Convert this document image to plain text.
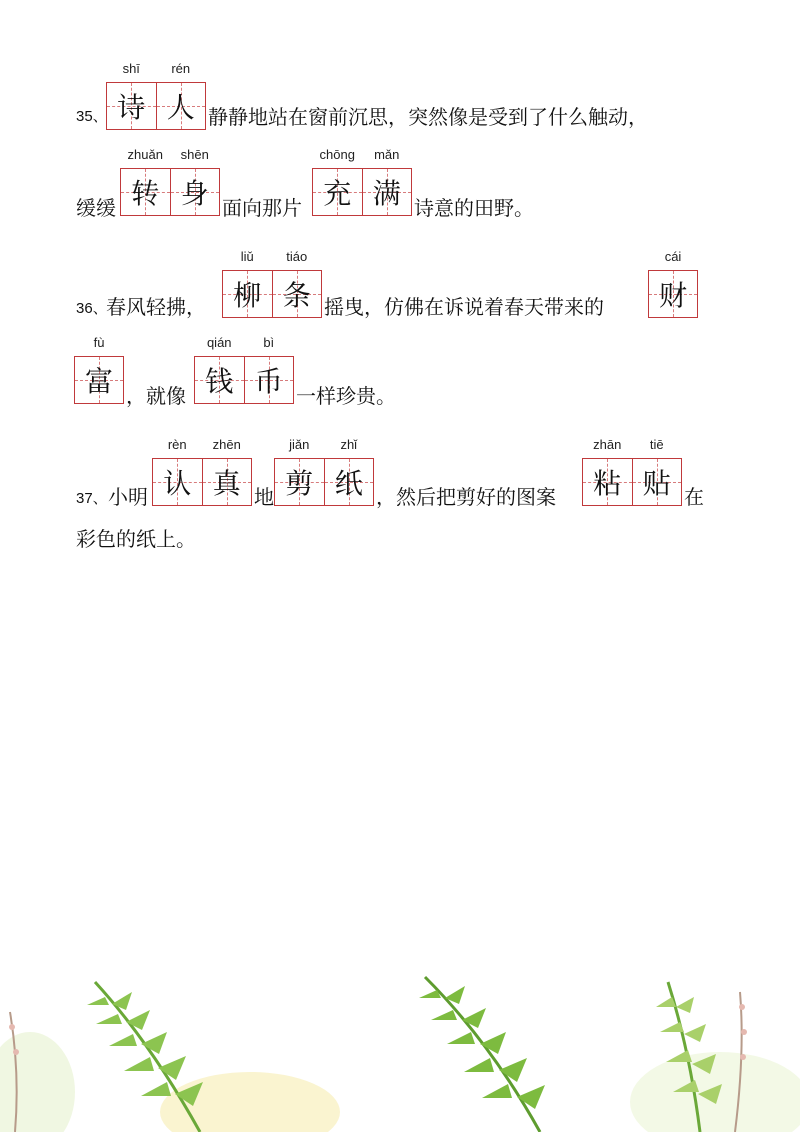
35、
shī
诗
rén
人 静静地站在窗前沉思，突然像是受到了什么触动，
缓缓
zhuǎn
转
shēn
身 面向那片
chōng
充
mǎn
满 诗意的田野。
36、
春风轻拂，
liǔ
柳
tiáo
条 摇曳，仿佛在诉说着春天带来的
cái
财
fù
富 ，就像
qián
钱
bì
币 一样珍贵。
37、 小明
rèn
认
zhēn
真 地
jiǎn
剪
zhǐ
纸 ，然后把剪好的图案
zhān
粘
tiē
贴 在
彩色的纸上。
